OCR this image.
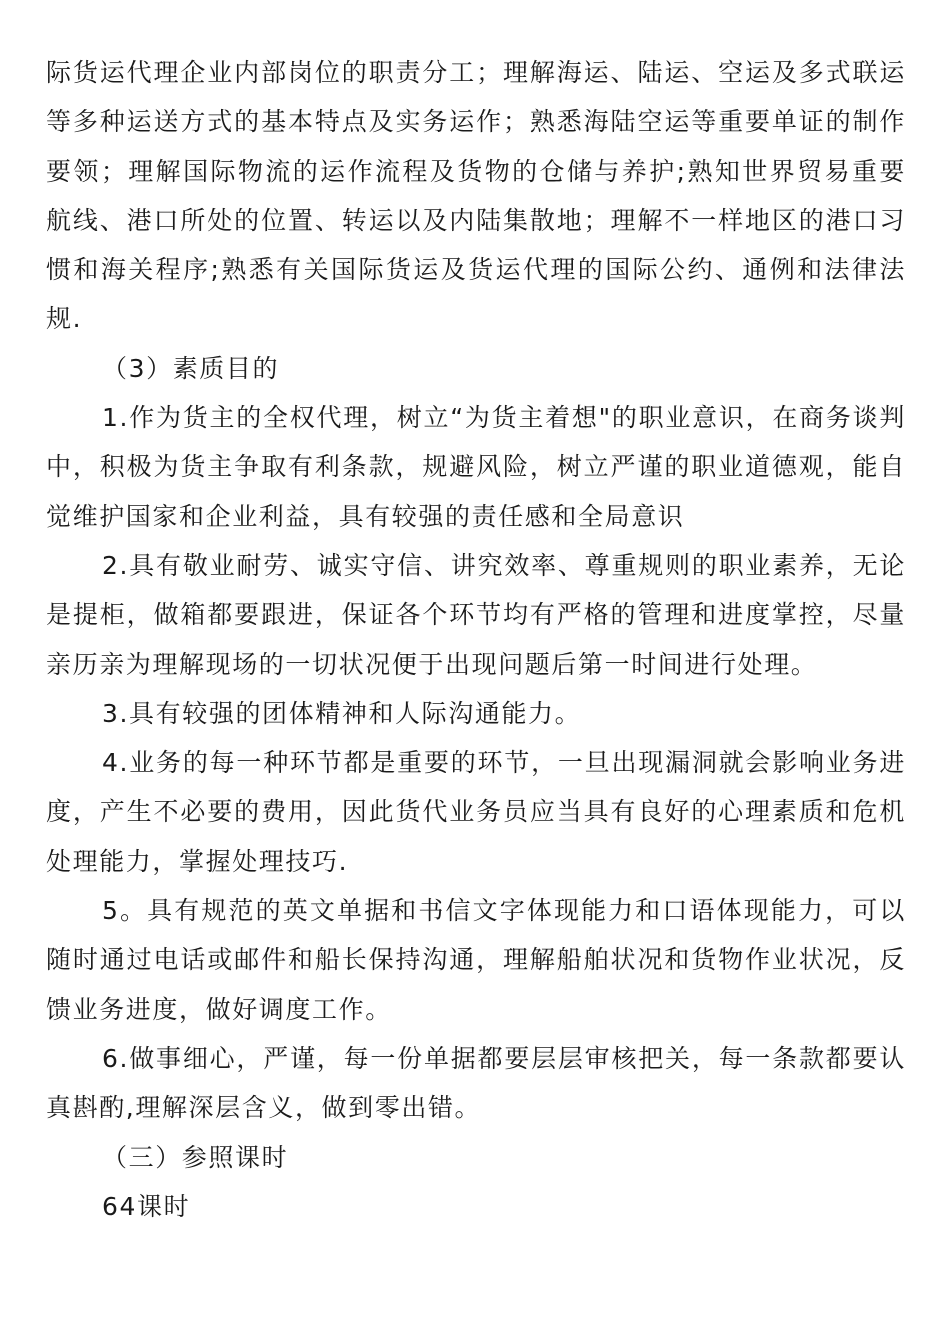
际货运代理企业内部岗位的职责分工；理解海运、陆运、空运及多式联运等多种运送方式的基本特点及实务运作；熟悉海陆空运等重要单证的制作要领；理解国际物流的运作流程及货物的仓储与养护;熟知世界贸易重要航线、港口所处的位置、转运以及内陆集散地；理解不一样地区的港口习惯和海关程序;熟悉有关国际货运及货运代理的国际公约、通例和法律法规.

（3）素质目的

1.作为货主的全权代理，树立“为货主着想"的职业意识，在商务谈判中，积极为货主争取有利条款，规避风险，树立严谨的职业道德观，能自觉维护国家和企业利益，具有较强的责任感和全局意识

2.具有敬业耐劳、诚实守信、讲究效率、尊重规则的职业素养，无论是提柜，做箱都要跟进，保证各个环节均有严格的管理和进度掌控，尽量亲历亲为理解现场的一切状况便于出现问题后第一时间进行处理。

3.具有较强的团体精神和人际沟通能力。

4.业务的每一种环节都是重要的环节，一旦出现漏洞就会影响业务进度，产生不必要的费用，因此货代业务员应当具有良好的心理素质和危机处理能力，掌握处理技巧.

5。具有规范的英文单据和书信文字体现能力和口语体现能力，可以随时通过电话或邮件和船长保持沟通，理解船舶状况和货物作业状况，反馈业务进度，做好调度工作。

6.做事细心，严谨，每一份单据都要层层审核把关，每一条款都要认真斟酌,理解深层含义，做到零出错。

（三）参照课时

64课时
